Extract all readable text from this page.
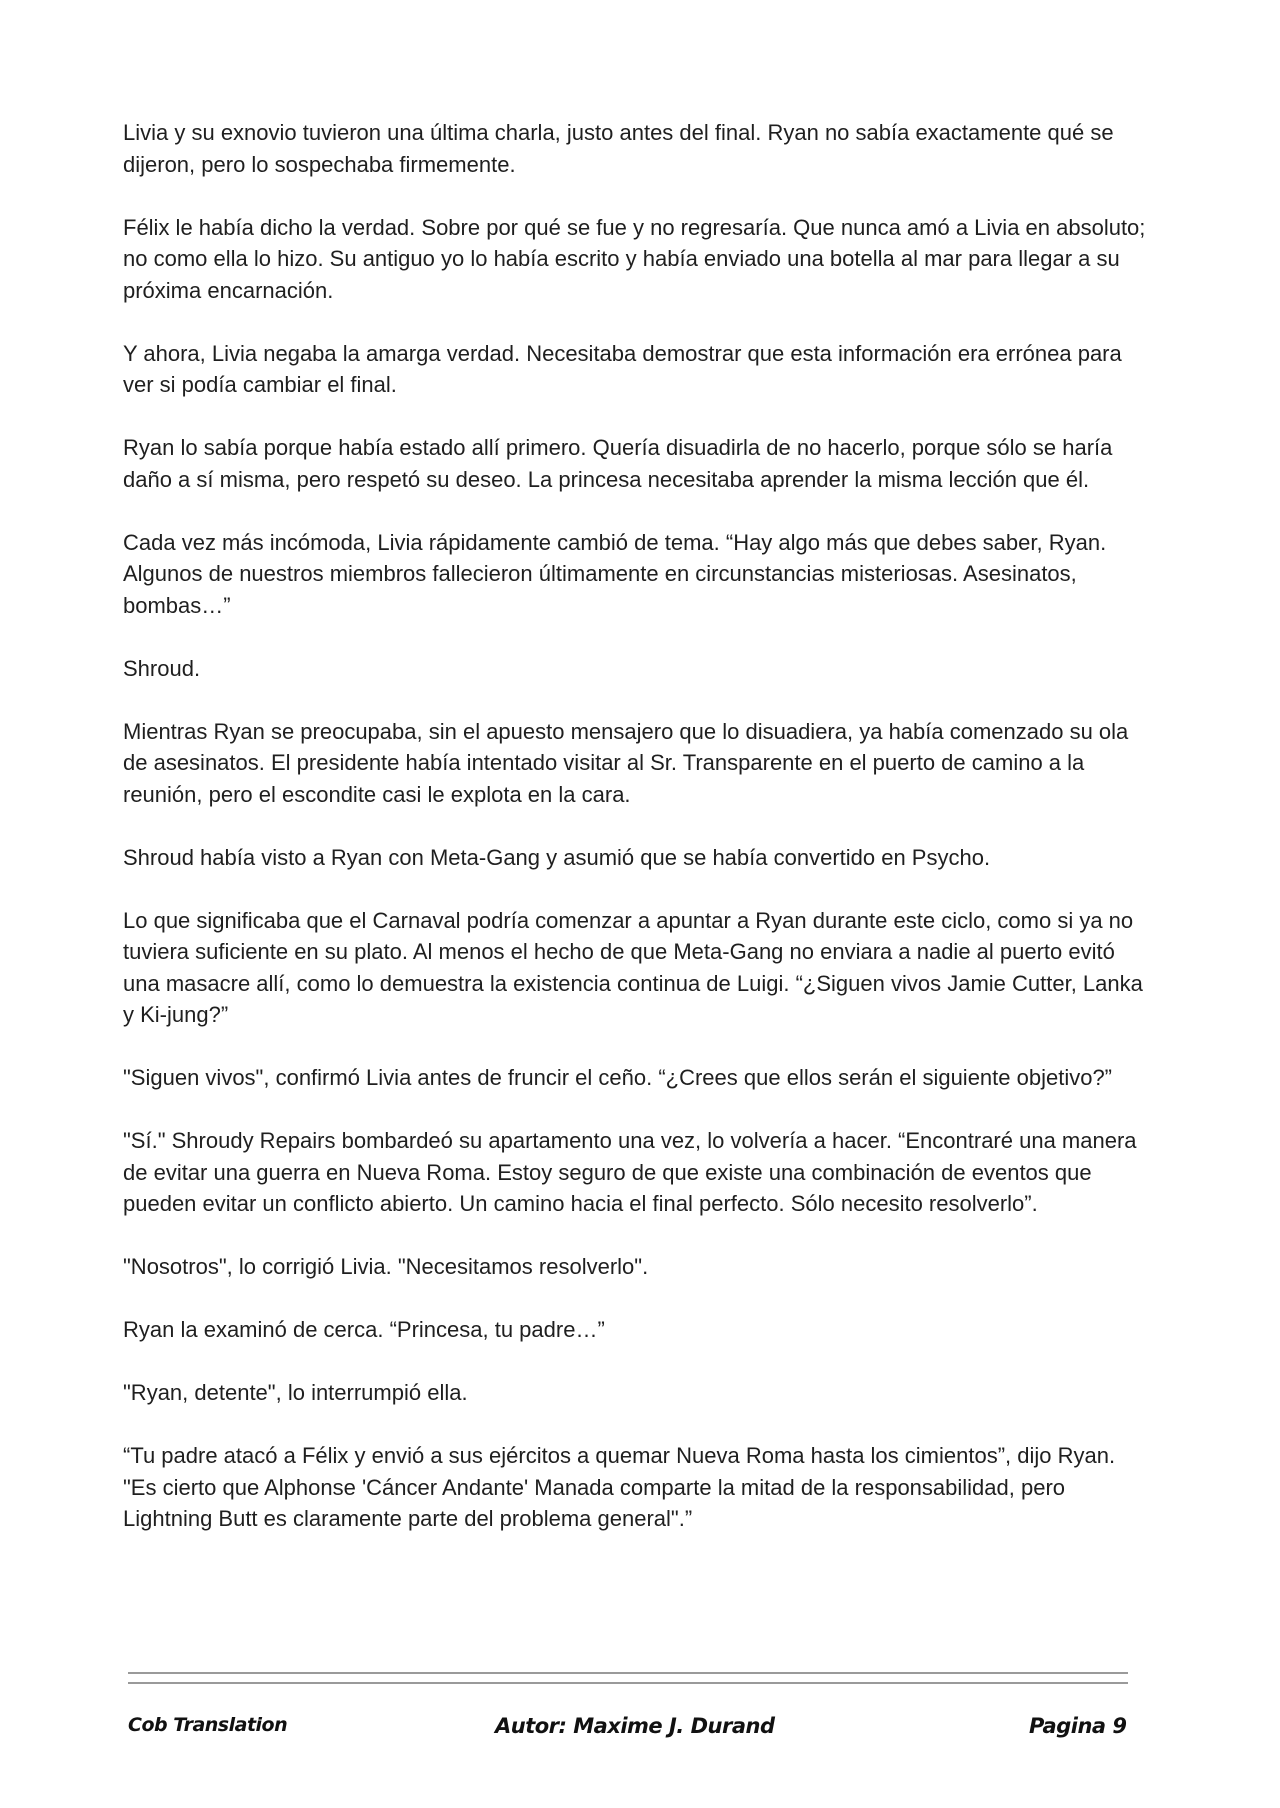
Livia y su exnovio tuvieron una última charla, justo antes del final. Ryan no sabía exactamente qué se dijeron, pero lo sospechaba firmemente.

Félix le había dicho la verdad. Sobre por qué se fue y no regresaría. Que nunca amó a Livia en absoluto; no como ella lo hizo. Su antiguo yo lo había escrito y había enviado una botella al mar para llegar a su próxima encarnación.

Y ahora, Livia negaba la amarga verdad. Necesitaba demostrar que esta información era errónea para ver si podía cambiar el final.

Ryan lo sabía porque había estado allí primero. Quería disuadirla de no hacerlo, porque sólo se haría daño a sí misma, pero respetó su deseo. La princesa necesitaba aprender la misma lección que él.

Cada vez más incómoda, Livia rápidamente cambió de tema. “Hay algo más que debes saber, Ryan. Algunos de nuestros miembros fallecieron últimamente en circunstancias misteriosas. Asesinatos, bombas…”

Shroud.

Mientras Ryan se preocupaba, sin el apuesto mensajero que lo disuadiera, ya había comenzado su ola de asesinatos. El presidente había intentado visitar al Sr. Transparente en el puerto de camino a la reunión, pero el escondite casi le explota en la cara.

Shroud había visto a Ryan con Meta-Gang y asumió que se había convertido en Psycho.

Lo que significaba que el Carnaval podría comenzar a apuntar a Ryan durante este ciclo, como si ya no tuviera suficiente en su plato. Al menos el hecho de que Meta-Gang no enviara a nadie al puerto evitó una masacre allí, como lo demuestra la existencia continua de Luigi. “¿Siguen vivos Jamie Cutter, Lanka y Ki-jung?”

"Siguen vivos", confirmó Livia antes de fruncir el ceño. “¿Crees que ellos serán el siguiente objetivo?”

"Sí." Shroudy Repairs bombardeó su apartamento una vez, lo volvería a hacer. “Encontraré una manera de evitar una guerra en Nueva Roma. Estoy seguro de que existe una combinación de eventos que pueden evitar un conflicto abierto. Un camino hacia el final perfecto. Sólo necesito resolverlo”.

"Nosotros", lo corrigió Livia. "Necesitamos resolverlo".

Ryan la examinó de cerca. “Princesa, tu padre…”

"Ryan, detente", lo interrumpió ella.

“Tu padre atacó a Félix y envió a sus ejércitos a quemar Nueva Roma hasta los cimientos”, dijo Ryan. "Es cierto que Alphonse 'Cáncer Andante' Manada comparte la mitad de la responsabilidad, pero Lightning Butt es claramente parte del problema general".”

Cob Translation	Autor: Maxime J. Durand	Pagina 9
